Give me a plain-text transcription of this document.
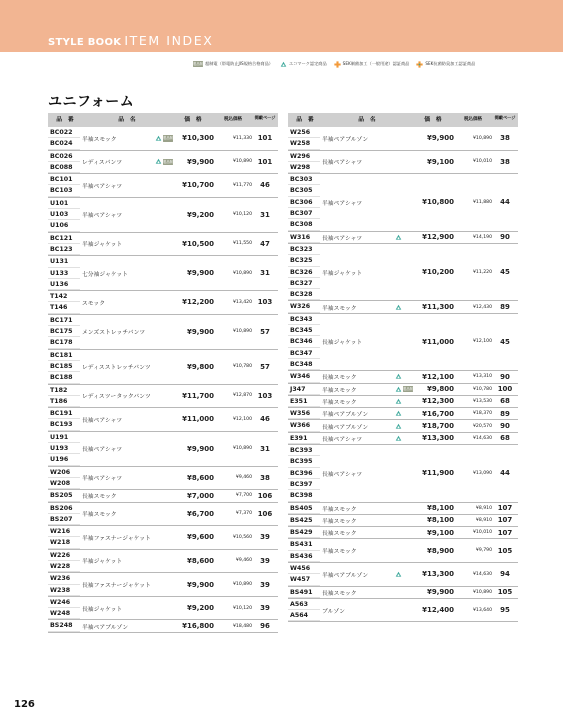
STYLE BOOK ITEM INDEX
製品制 超制電（帯電防止JIS規格合格商品）	エコマーク認定商品	SEK制菌加工（一般用途）認証商品	SEK抗菌防臭加工認証商品
ユニフォーム
品　番	品　名	価　格	税込価格	掲載ページ
BC022
BC024
半袖スモック	製品制	¥10,300	¥11,330 101
BC026
BC088
レディスパンツ	製品制	¥9,900	¥10,890 101
BC101
BC103
半袖ペアシャツ	¥10,700	¥11,770	46
U101
U103
U106
半袖ペアシャツ	¥9,200	¥10,120	31
BC121
BC123
半袖ジャケット	¥10,500	¥11,550	47
U131
U133
U136
七分袖ジャケット	¥9,900	¥10,890	31
T142
T146
スモック	¥12,200	¥13,420 103
BC171
BC175
BC178
メンズストレッチパンツ	¥9,900	¥10,890	57
BC181
BC185
BC188
レディスストレッチパンツ	¥9,800	¥10,780	57
T182
T186
レディスツータックパンツ	¥11,700	¥12,870 103
BC191
BC193
長袖ペアシャツ	¥11,000	¥12,100	46
U191
U193
U196
長袖ペアシャツ	¥9,900	¥10,890	31
W206
W208
半袖ペアシャツ	¥8,600	¥9,460	38
BS205	長袖スモック	¥7,000	¥7,700 106
BS206
BS207
半袖スモック	¥6,700	¥7,370 106
W216
W218
半袖ファスナージャケット	¥9,600	¥10,560	39
W226
W228
半袖ジャケット	¥8,600	¥9,460	39
W236
W238
長袖ファスナージャケット	¥9,900	¥10,890	39
W246
W248
長袖ジャケット	¥9,200	¥10,120	39
BS248	半袖ペアブルゾン	¥16,800	¥18,480	96
品　番	品　名	価　格	税込価格	掲載ページ
W256
W258
半袖ペアブルゾン	¥9,900	¥10,890	38
W296
W298
長袖ペアシャツ	¥9,100	¥10,010	38
BC303
BC305
BC306
BC307
BC308
半袖ペアシャツ	¥10,800	¥11,880	44
W316	長袖ペアシャツ	¥12,900	¥14,190	90
BC323
BC325
BC326
BC327
BC328
半袖ジャケット	¥10,200	¥11,220	45
W326	半袖スモック	¥11,300	¥12,430	89
BC343
BC345
BC346
BC347
BC348
長袖ジャケット	¥11,000	¥12,100	45
W346	長袖スモック	¥12,100	¥13,310	90
J347	半袖スモック	製品制	¥9,800	¥10,780 100
E351	半袖スモック	¥12,300	¥13,530	68
W356	半袖ペアブルゾン	¥16,700	¥18,370	89
W366	長袖ペアブルゾン	¥18,700	¥20,570	90
E391	長袖ペアシャツ	¥13,300	¥14,630	68
BC393
BC395
BC396
BC397
BC398
長袖ペアシャツ	¥11,900	¥13,090	44
BS405	半袖スモック	¥8,100	¥8,910 107
BS425	半袖スモック	¥8,100	¥8,910 107
BS429	長袖スモック	¥9,100	¥10,010 107
BS431
BS436
半袖スモック	¥8,900	¥9,790 105
W456
W457
半袖ペアブルゾン	¥13,300	¥14,630	94
BS491	長袖スモック	¥9,900	¥10,890 105
A563
A564
ブルゾン	¥12,400	¥13,640	95
126
